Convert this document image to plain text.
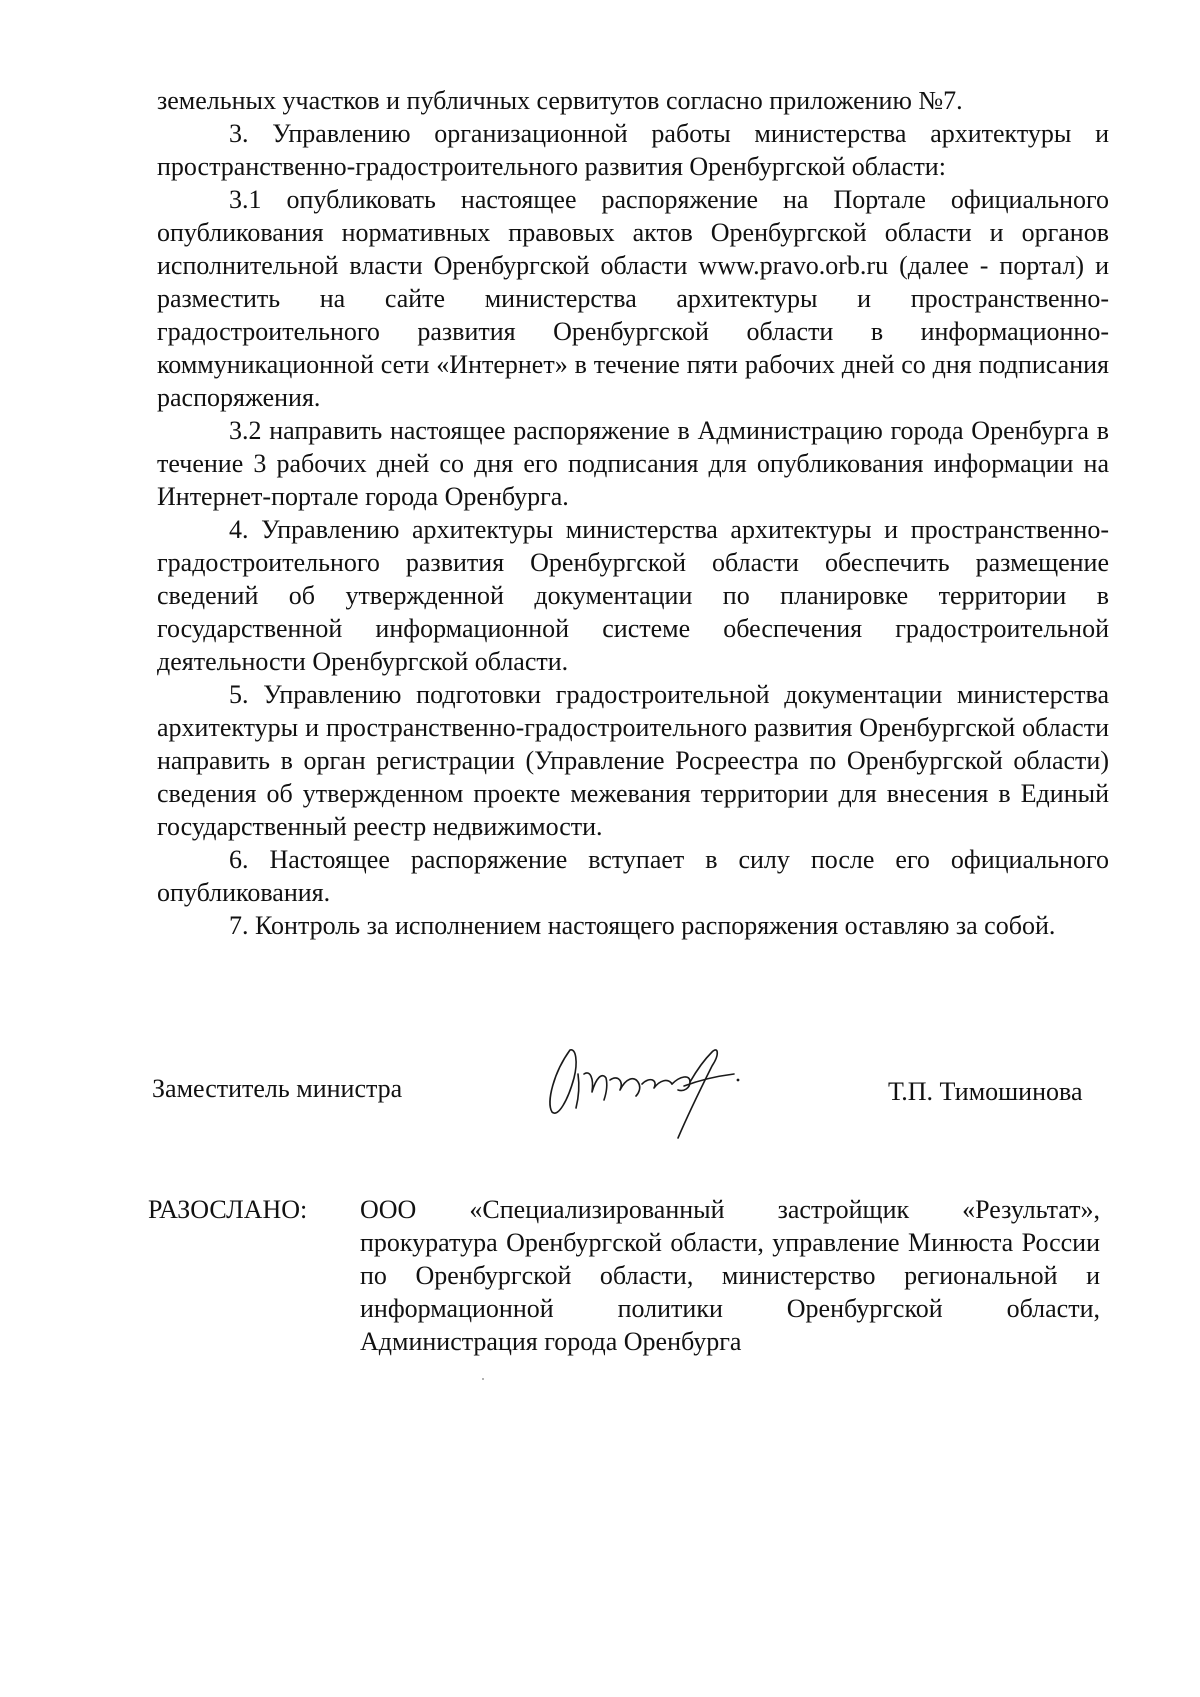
земельных участков и публичных сервитутов согласно приложению №7.

3. Управлению организационной работы министерства архитектуры и пространственно-градостроительного развития Оренбургской области:

3.1 опубликовать настоящее распоряжение на Портале официального опубликования нормативных правовых актов Оренбургской области и органов исполнительной власти Оренбургской области www.pravo.orb.ru (далее - портал) и разместить на сайте министерства архитектуры и пространственно-градостроительного развития Оренбургской области в информационно-коммуникационной сети «Интернет» в течение пяти рабочих дней со дня подписания распоряжения.

3.2 направить настоящее распоряжение в Администрацию города Оренбурга в течение 3 рабочих дней со дня его подписания для опубликования информации на Интернет-портале города Оренбурга.

4. Управлению архитектуры министерства архитектуры и пространственно-градостроительного развития Оренбургской области обеспечить размещение сведений об утвержденной документации по планировке территории в государственной информационной системе обеспечения градостроительной деятельности Оренбургской области.

5. Управлению подготовки градостроительной документации министерства архитектуры и пространственно-градостроительного развития Оренбургской области направить в орган регистрации (Управление Росреестра по Оренбургской области) сведения об утвержденном проекте межевания территории для внесения в Единый государственный реестр недвижимости.

6. Настоящее распоряжение вступает в силу после его официального опубликования.

7. Контроль за исполнением настоящего распоряжения оставляю за собой.

Заместитель министра	Т.П. Тимошинова
РАЗОСЛАНО: ООО «Специализированный застройщик «Результат», прокуратура Оренбургской области, управление Минюста России по Оренбургской области, министерство региональной и информационной политики Оренбургской области, Администрация города Оренбурга
